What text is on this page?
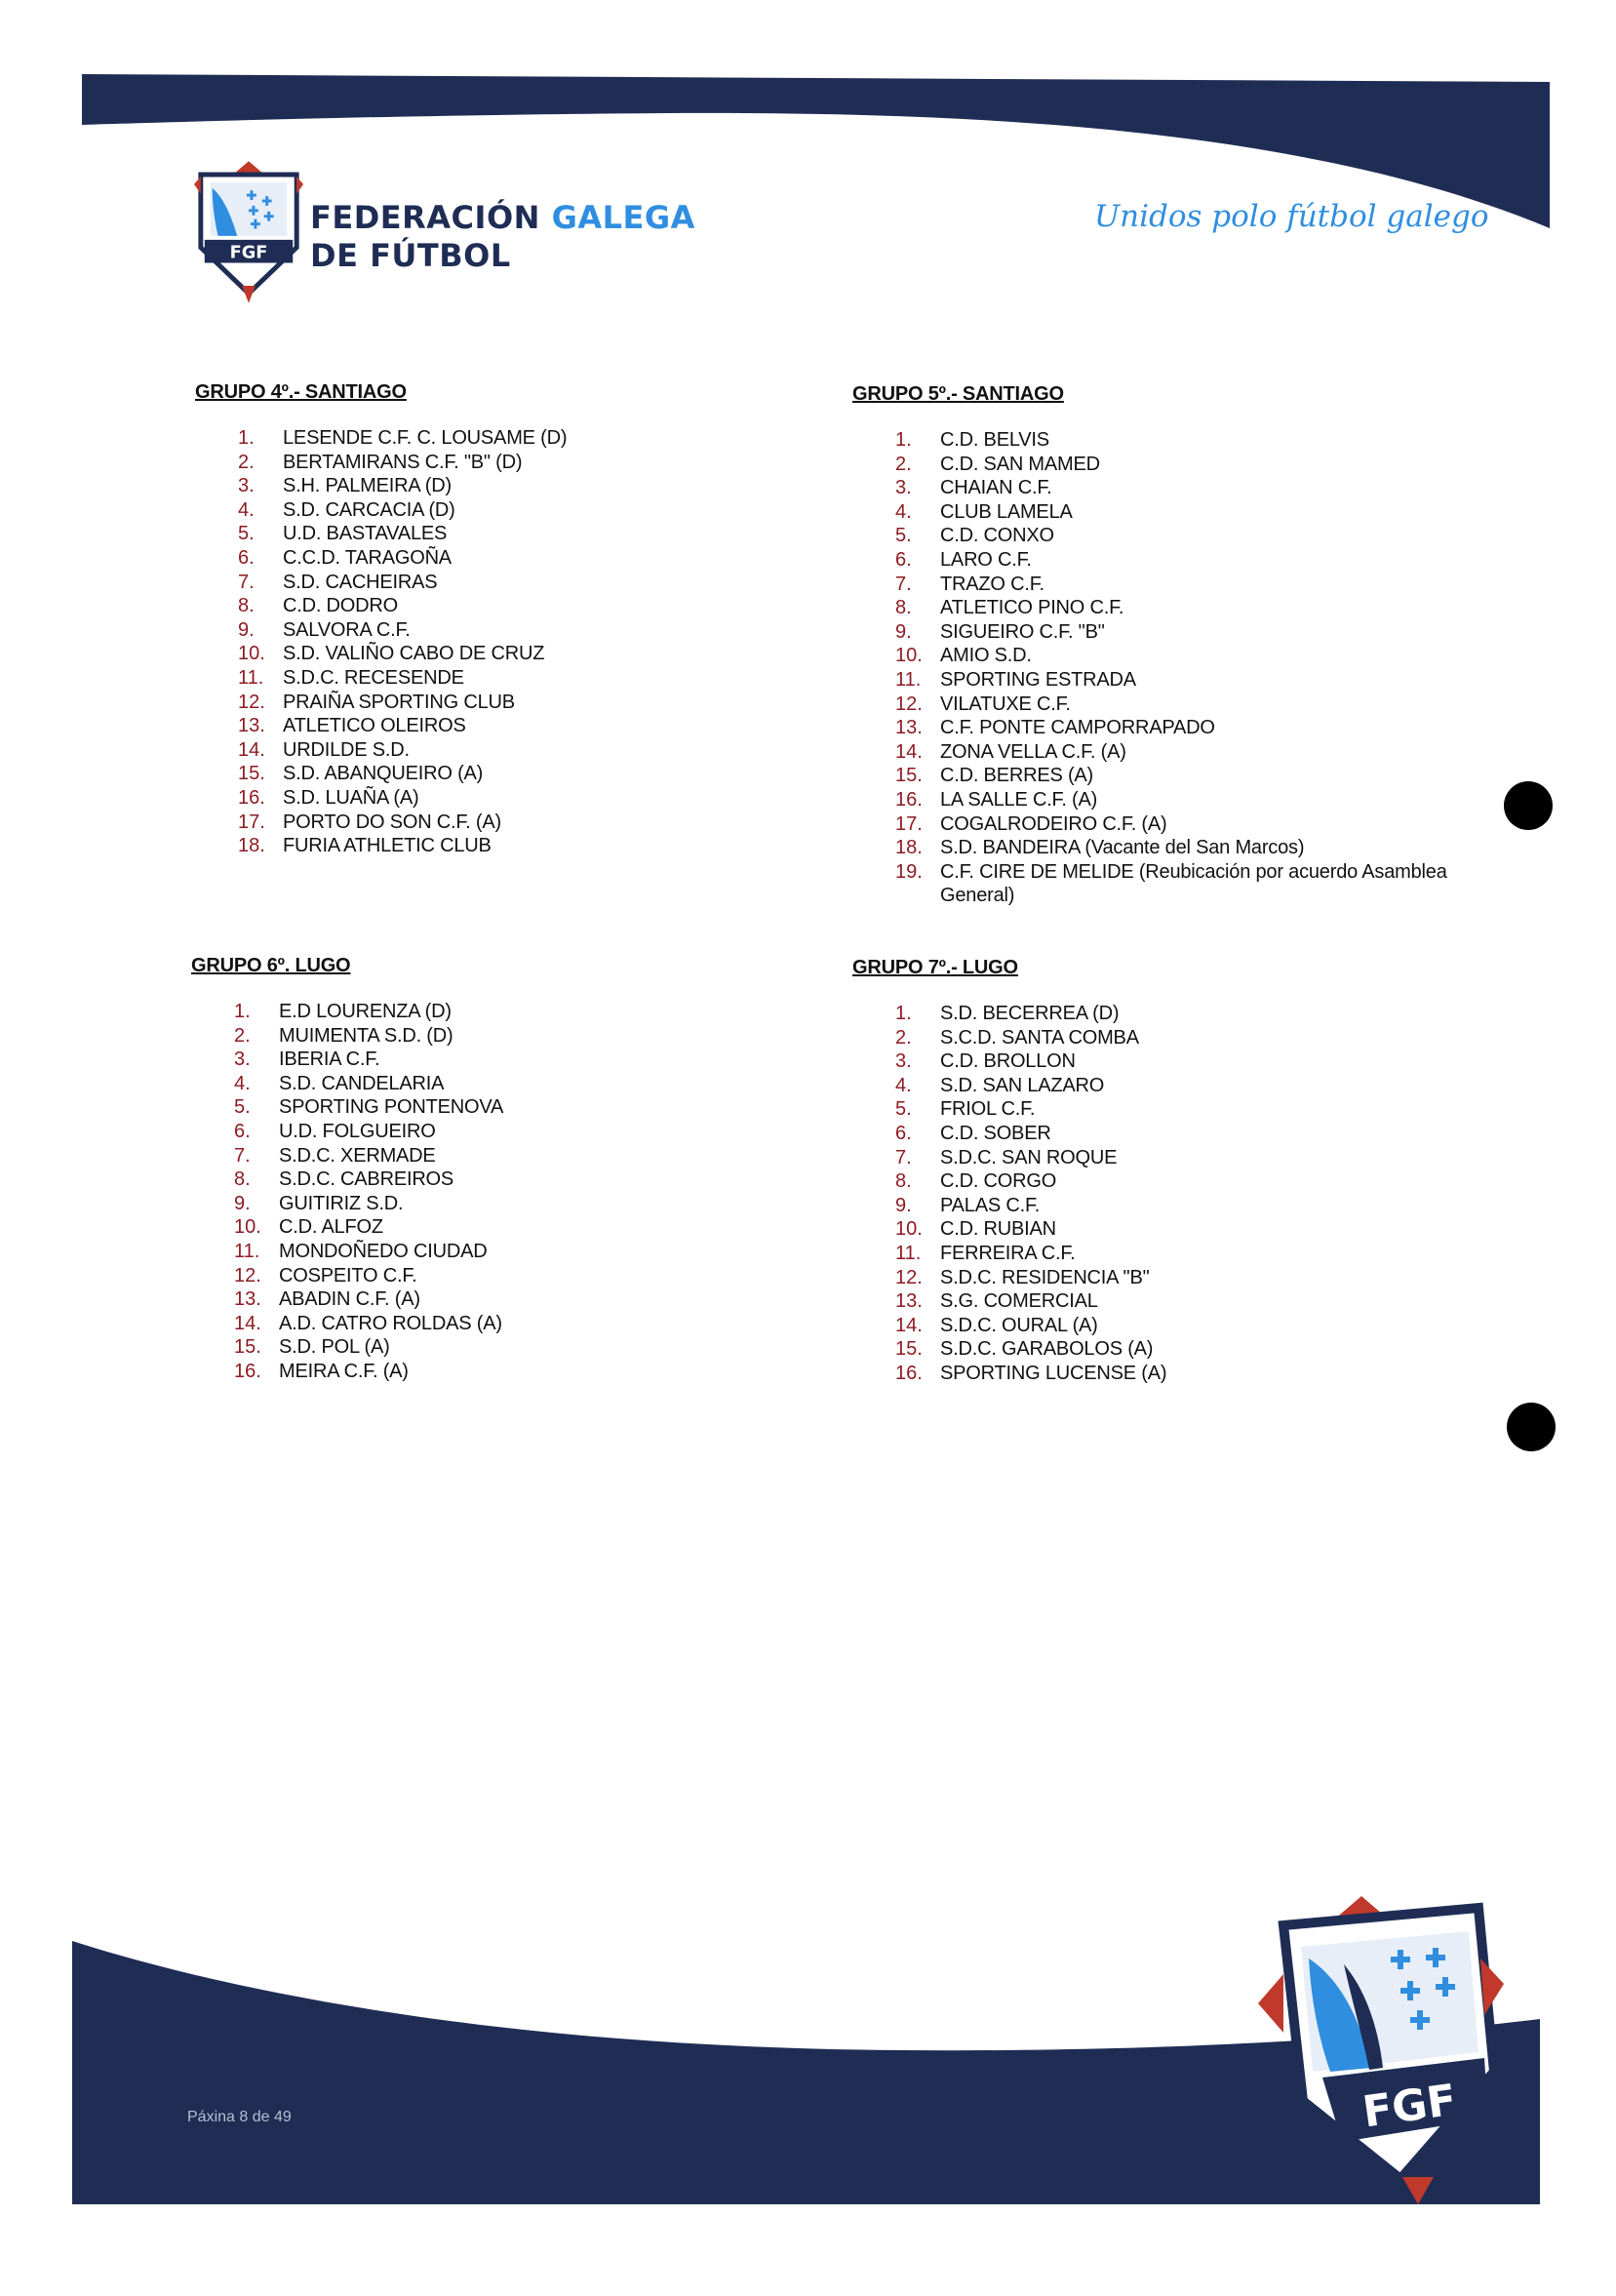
FGF
FEDERACIÓN GALEGA
DE FÚTBOL
Unidos polo fútbol galego
GRUPO 4º.- SANTIAGO
1.	LESENDE C.F. C. LOUSAME (D)
2.	BERTAMIRANS C.F. "B" (D)
3.	S.H. PALMEIRA (D)
4.	S.D. CARCACIA (D)
5.	U.D. BASTAVALES
6.	C.C.D. TARAGOÑA
7.	S.D. CACHEIRAS
8.	C.D. DODRO
9.	SALVORA C.F.
10. S.D. VALIÑO CABO DE CRUZ
11. S.D.C. RECESENDE
12. PRAIÑA SPORTING CLUB
13. ATLETICO OLEIROS
14. URDILDE S.D.
15. S.D. ABANQUEIRO (A)
16. S.D. LUAÑA (A)
17. PORTO DO SON C.F. (A)
18. FURIA ATHLETIC CLUB
GRUPO 5º.- SANTIAGO
1.	C.D. BELVIS
2.	C.D. SAN MAMED
3.	CHAIAN C.F.
4.	CLUB LAMELA
5.	C.D. CONXO
6.	LARO C.F.
7.	TRAZO C.F.
8.	ATLETICO PINO C.F.
9.	SIGUEIRO C.F. "B"
10. AMIO S.D.
11. SPORTING ESTRADA
12. VILATUXE C.F.
13. C.F. PONTE CAMPORRAPADO
14. ZONA VELLA C.F. (A)
15. C.D. BERRES (A)
16. LA SALLE C.F. (A)
17. COGALRODEIRO C.F. (A)
18. S.D. BANDEIRA (Vacante del San Marcos)
19. C.F. CIRE DE MELIDE (Reubicación por acuerdo Asamblea General)
GRUPO 6º. LUGO
1.	E.D LOURENZA (D)
2.	MUIMENTA S.D. (D)
3.	IBERIA C.F.
4.	S.D. CANDELARIA
5.	SPORTING PONTENOVA
6.	U.D. FOLGUEIRO
7.	S.D.C. XERMADE
8.	S.D.C. CABREIROS
9.	GUITIRIZ S.D.
10. C.D. ALFOZ
11. MONDOÑEDO CIUDAD
12. COSPEITO C.F.
13. ABADIN C.F. (A)
14. A.D. CATRO ROLDAS (A)
15. S.D. POL (A)
16. MEIRA C.F. (A)
GRUPO 7º.- LUGO
1.	S.D. BECERREA (D)
2.	S.C.D. SANTA COMBA
3.	C.D. BROLLON
4.	S.D. SAN LAZARO
5.	FRIOL C.F.
6.	C.D. SOBER
7.	S.D.C. SAN ROQUE
8.	C.D. CORGO
9.	PALAS C.F.
10. C.D. RUBIAN
11. FERREIRA C.F.
12. S.D.C. RESIDENCIA "B"
13. S.G. COMERCIAL
14. S.D.C. OURAL (A)
15. S.D.C. GARABOLOS (A)
16. SPORTING LUCENSE (A)
Páxina 8 de 49	FGF
